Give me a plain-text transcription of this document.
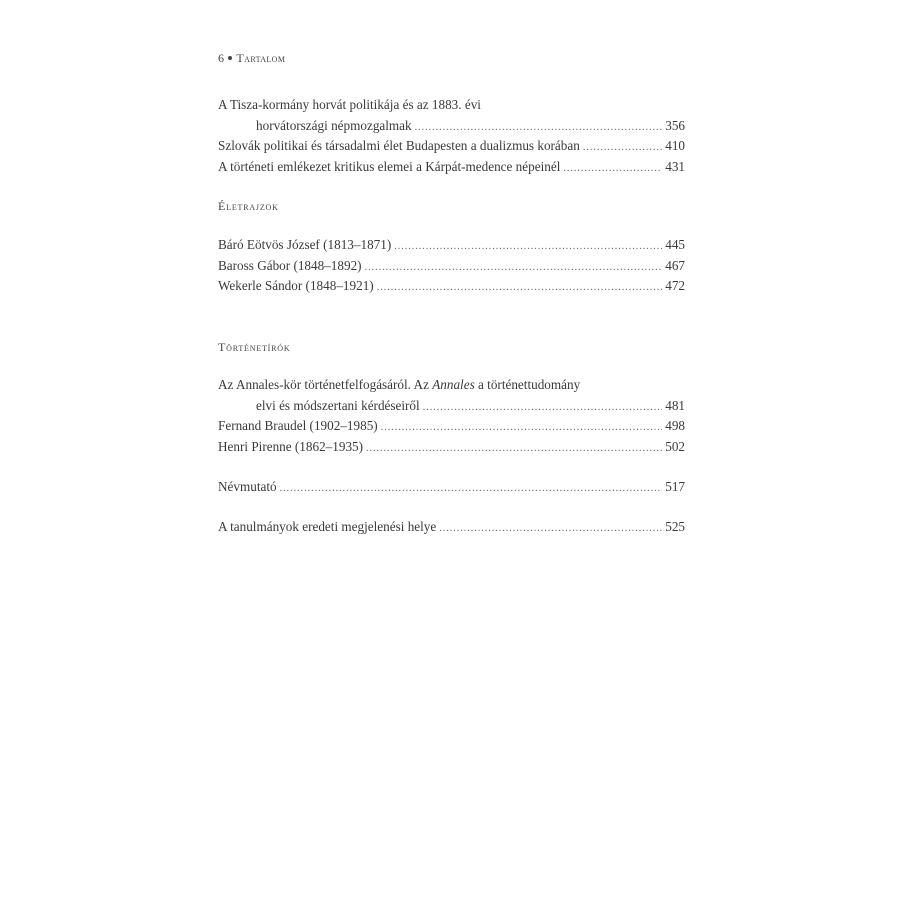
6 Tartalom
A Tisza-kormány horvát politikája és az 1883. évi
horvátországi népmozgalmak .....	356
Szlovák politikai és társadalmi élet Budapesten a dualizmus korában .....	410
A történeti emlékezet kritikus elemei a Kárpát-medence népeinél .....	431
Életrajzok
Báró Eötvös József (1813–1871) .....	445
Baross Gábor (1848–1892) .....	467
Wekerle Sándor (1848–1921) .....	472
Történetírók
Az Annales-kör történetfelfogásáról. Az Annales a történettudomány
elvi és módszertani kérdéseiről .....	481
Fernand Braudel (1902–1985) .....	498
Henri Pirenne (1862–1935) .....	502
Névmutató .....	517
A tanulmányok eredeti megjelenési helye .....	525
